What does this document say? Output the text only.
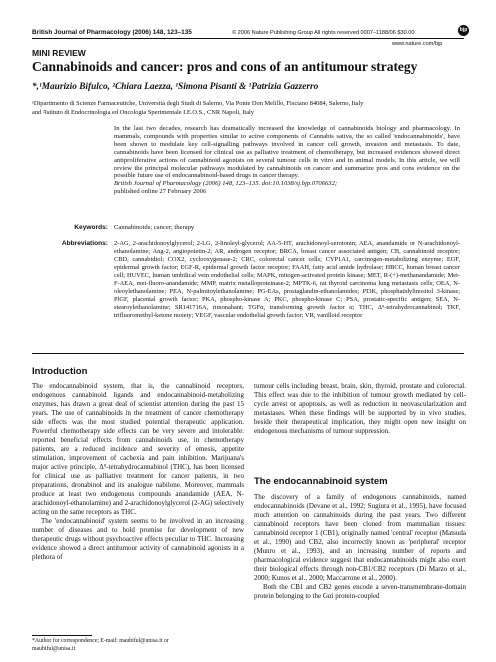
British Journal of Pharmacology (2006) 148, 123–135	© 2006 Nature Publishing Group All rights reserved 0007–1188/06 $30.00	bjp
www.nature.com/bjp
MINI REVIEW
Cannabinoids and cancer: pros and cons of an antitumour strategy
*,¹Maurizio Bifulco, ²Chiara Laezza, ¹Simona Pisanti & ¹Patrizia Gazzerro
¹Dipartimento di Scienze Farmaceutiche, Università degli Studi di Salerno, Via Ponte Don Melillo, Fisciano 84084, Salerno, Italy
and ²Istituto di Endocrinologia ed Oncologia Sperimentale I.E.O.S., CNR Napoli, Italy
In the last two decades, research has dramatically increased the knowledge of cannabinoids biology and pharmacology. In mammals, compounds with properties similar to active components of Cannabis sativa, the so called 'endocannabinoids', have been shown to modulate key cell-signalling pathways involved in cancer cell growth, invasion and metastasis. To date, cannabinoids have been licensed for clinical use as palliative treatment of chemotherapy, but increased evidences showed direct antiproliferative actions of cannabinoid agonists on several tumour cells in vitro and in animal models. In this article, we will review the principal molecular pathways modulated by cannabinoids on cancer and summarize pros and cons evidence on the possible future use of endocannabinoid-based drugs in cancer therapy.
British Journal of Pharmacology (2006) 148, 123–135. doi:10.1038/sj.bjp.0706632;
published online 27 February 2006
Keywords: Cannabinoids; cancer; therapy
Abbreviations: 2-AG, 2-arachidonoylglycerol; 2-LG, 2-linoleyl-glycerol; AA-5-HT, arachidonoyl-serotonin; AEA, anandamide or N-arachidonoyl-ethanolamine; Ang-2, angiopoietin-2; AR, androgen receptor; BRCA, breast cancer associated antigen; CB, cannabinoid receptor; CBD, cannabidiol; COX2, cyclooxygenase-2; CRC, colorectal cancer cells; CYP1A1, carcinogen-metabolizing enzyme; EGF, epidermal growth factor; EGF-R, epidermal growth factor receptor; FAAH, fatty acid amide hydrolase; HBCC, human breast cancer cell; HUVEC, human umbilical vein endothelial cells; MAPK, mitogen-activated protein kinase; MET, R-(+)-methanandamide; Met-F-AEA, met-fluoro-anandamide; MMP, matrix metalloproteinase-2; MPTK-6, rat thyroid carcinoma lung metastasis cells; OEA, N-oleoylethanolamine; PEA, N-palmitoylethanolamine; PG-EAs, prostaglandin-ethanolamides; PI3K, phosphatidylinositol 3-kinase; PlGF, placental growth factor; PKA, phospho-kinase A; PKC, phospho-kinase C; PSA, prostatic-specific antigen; SEA, N-stearoylethanolamine; SR141716A, rimonabant; TGFα, transforming growth factor α; THC, Δ⁹-tetrahydrocannabinol; TKF, trifluoromethyl-ketone moiety; VEGF, vascular endothelial growth factor; VR, vanilloid receptor
Introduction

The endocannabinoid system, that is, the cannabinoid receptors, endogenous cannabinoid ligands and endocannabinoid-metabolizing enzymes, has drawn a great deal of scientist attention during the past 15 years. The use of cannabinoids in the treatment of cancer chemotherapy side effects was the most studied potential therapeutic application. Powerful chemotherapy side effects can be very severe and intolerable: reported beneficial effects from cannabinoids use, in chemotherapy patients, are a reduced incidence and severity of emesis, appetite stimulation, improvement of cachexia and pain inhibition. Marijuana's major active principle, Δ⁹-tetrahydrocannabinol (THC), has been licensed for clinical use as palliative treatment for cancer patients, in two preparations, dronabinol and its analogue nabilone. Moreover, mammals produce at least two endogenous compounds anandamide (AEA, N-arachidonoyl-ethanolamine) and 2-arachidonoylglycerol (2-AG) selectively acting on the same receptors as THC.

The 'endocannabinoid' system seems to be involved in an increasing number of diseases and to hold promise for development of new therapeutic drugs without psychoactive effects peculiar to THC. Increasing evidence showed a direct antitumour activity of cannabinoid agonists in a plethora of

*Author for correspondence; E-mail: maubiful@unisa.it or
maubiful@unisa.it

tumour cells including breast, brain, skin, thyroid, prostate and colorectal. This effect was due to the inhibition of tumour growth mediated by cell-cycle arrest or apoptosis, as well as reduction in neovascularization and metastases. When these findings will be supported by in vivo studies, beside their therapeutical implication, they might open new insight on endogenous mechanisms of tumour suppression.

The endocannabinoid system

The discovery of a family of endogenous cannabinoids, named endocannabinoids (Devane et al., 1992; Sugiura et al., 1995), have focused much attention on cannabinoids during the past years. Two different cannabinoid receptors have been cloned from mammalian tissues: cannabinoid receptor 1 (CB1), originally named 'central' receptor (Matsuda et al., 1990) and CB2, also incorrectly known as 'peripheral' receptor (Munro et al., 1993), and an increasing number of reports and pharmacological evidence suggest that endocannabinoids might also exert their biological effects through non-CB1/CB2 receptors (Di Marzo et al., 2000; Kunos et al., 2000; Maccarrone et al., 2000).

Both the CB1 and CB2 genes encode a seven-transmembrane-domain protein belonging to the Gαi protein-coupled
